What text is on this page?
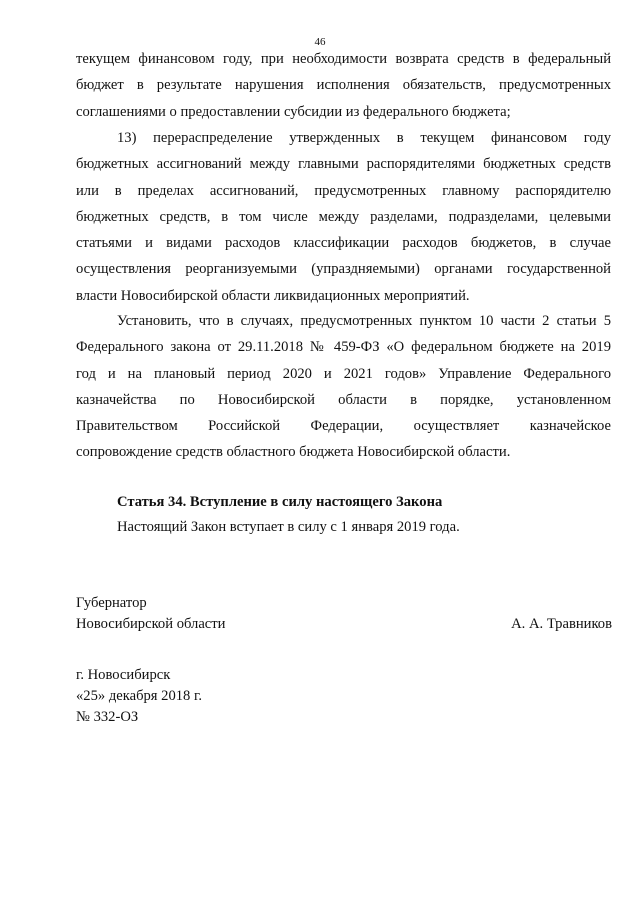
46

текущем финансовом году, при необходимости возврата средств в федеральный

бюджет в результате нарушения исполнения обязательств, предусмотренных

соглашениями о предоставлении субсидии из федерального бюджета;

13) перераспределение утвержденных в текущем финансовом году

бюджетных ассигнований между главными распорядителями бюджетных средств

или в пределах ассигнований, предусмотренных главному распорядителю

бюджетных средств, в том числе между разделами, подразделами, целевыми

статьями и видами расходов классификации расходов бюджетов, в случае

осуществления реорганизуемыми (упраздняемыми) органами государственной

власти Новосибирской области ликвидационных мероприятий.

Установить, что в случаях, предусмотренных пунктом 10 части 2 статьи 5

Федерального закона от 29.11.2018 № 459-ФЗ «О федеральном бюджете на 2019

год и на плановый период 2020 и 2021 годов» Управление Федерального

казначейства по Новосибирской области в порядке, установленном

Правительством Российской Федерации, осуществляет казначейское

сопровождение средств областного бюджета Новосибирской области.

Статья 34. Вступление в силу настоящего Закона
Настоящий Закон вступает в силу с 1 января 2019 года.
Губернатор
Новосибирской области	А. А. Травников
г. Новосибирск
«25» декабря 2018 г.
№ 332-ОЗ
